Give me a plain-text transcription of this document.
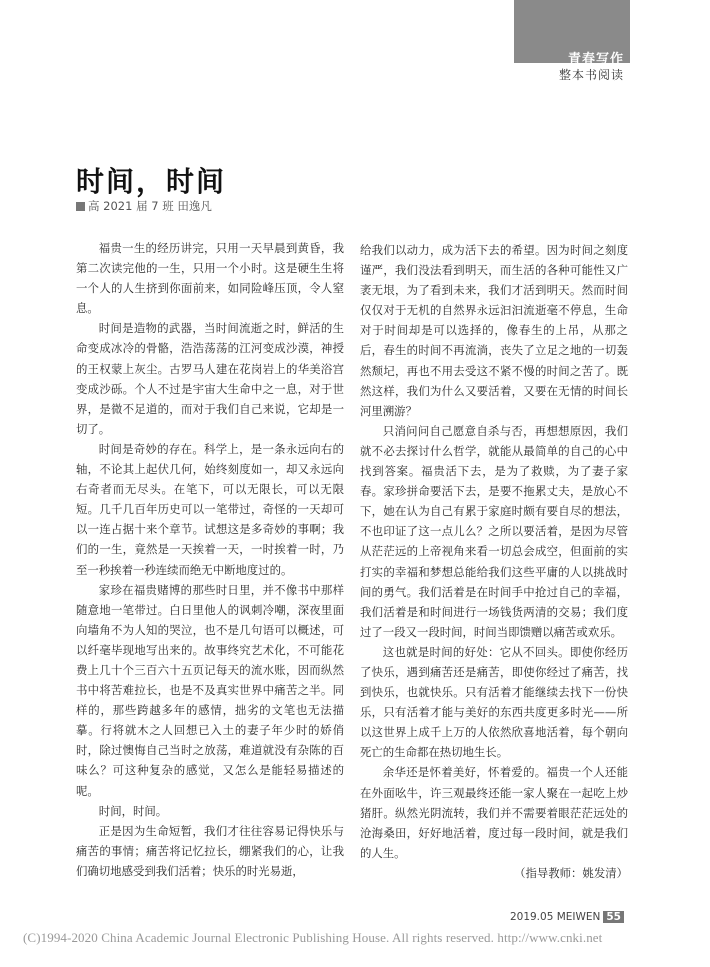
青春写作
整本书阅读
时间，时间
高 2021 届 7 班 田逸凡

福贵一生的经历讲完，只用一天早晨到黄昏，我第二次读完他的一生，只用一个小时。这是硬生生将一个人的人生挤到你面前来，如同险峰压顶，令人窒息。

时间是造物的武器，当时间流逝之时，鲜活的生命变成冰冷的骨骼，浩浩荡荡的江河变成沙漠，神授的王权蒙上灰尘。古罗马人建在花岗岩上的华美浴宫变成沙砾。个人不过是宇宙大生命中之一息，对于世界，是微不足道的，而对于我们自己来说，它却是一切了。

时间是奇妙的存在。科学上，是一条永远向右的轴，不论其上起伏几何，始终刻度如一，却又永远向右奇者而无尽头。在笔下，可以无限长，可以无限短。几千几百年历史可以一笔带过，奇怪的一天却可以一连占据十来个章节。试想这是多奇妙的事啊；我们的一生，竟然是一天挨着一天，一时挨着一时，乃至一秒挨着一秒连续而绝无中断地度过的。

家珍在福贵赌博的那些时日里，并不像书中那样随意地一笔带过。白日里他人的讽刺冷嘲，深夜里面向墙角不为人知的哭泣，也不是几句语可以概述，可以纤毫毕现地写出来的。故事终究艺术化，不可能花费上几十个三百六十五页记每天的流水账，因而纵然书中将苦难拉长，也是不及真实世界中痛苦之半。同样的，那些跨越多年的感情，拙劣的文笔也无法描摹。行将就木之人回想已入土的妻子年少时的娇俏时，除过懊悔自己当时之放荡，难道就没有杂陈的百味么？可这种复杂的感觉，又怎么是能轻易描述的呢。

时间，时间。

正是因为生命短暂，我们才往往容易记得快乐与痛苦的事情；痛苦将记忆拉长，绷紧我们的心，让我们确切地感受到我们活着；快乐的时光易逝，

给我们以动力，成为活下去的希望。因为时间之刻度谨严，我们没法看到明天，而生活的各种可能性又广袤无垠，为了看到未来，我们才活到明天。然而时间仅仅对于无机的自然界永远汩汩流逝毫不停息，生命对于时间却是可以选择的，像春生的上吊，从那之后，春生的时间不再流淌，丧失了立足之地的一切轰然颓圮，再也不用去受这不紧不慢的时间之苦了。既然这样，我们为什么又要活着，又要在无情的时间长河里溯游？

只消问问自己愿意自杀与否，再想想原因，我们就不必去探讨什么哲学，就能从最简单的自己的心中找到答案。福贵活下去，是为了救赎，为了妻子家春。家珍拼命要活下去，是要不拖累丈夫，是放心不下，她在认为自己有累于家庭时颇有要自尽的想法，不也印证了这一点儿么？之所以要活着，是因为尽管从茫茫远的上帝视角来看一切总会成空，但面前的实打实的幸福和梦想总能给我们这些平庸的人以挑战时间的勇气。我们活着是在时间手中抢过自己的幸福，我们活着是和时间进行一场钱货两清的交易；我们度过了一段又一段时间，时间当即馈赠以痛苦或欢乐。

这也就是时间的好处：它从不回头。即使你经历了快乐，遇到痛苦还是痛苦，即使你经过了痛苦，找到快乐，也就快乐。只有活着才能继续去找下一份快乐，只有活着才能与美好的东西共度更多时光——所以这世界上成千上万的人依然欣喜地活着，每个朝向死亡的生命都在热切地生长。

余华还是怀着美好，怀着爱的。福贵一个人还能在外面吆牛，许三观最终还能一家人聚在一起吃上炒猪肝。纵然光阴流转，我们并不需要着眼茫茫远处的沧海桑田，好好地活着，度过每一段时间，就是我们的人生。

（指导教师：姚发清）

2019.05 MEIWEN 55
(C)1994-2020 China Academic Journal Electronic Publishing House. All rights reserved. http://www.cnki.net
